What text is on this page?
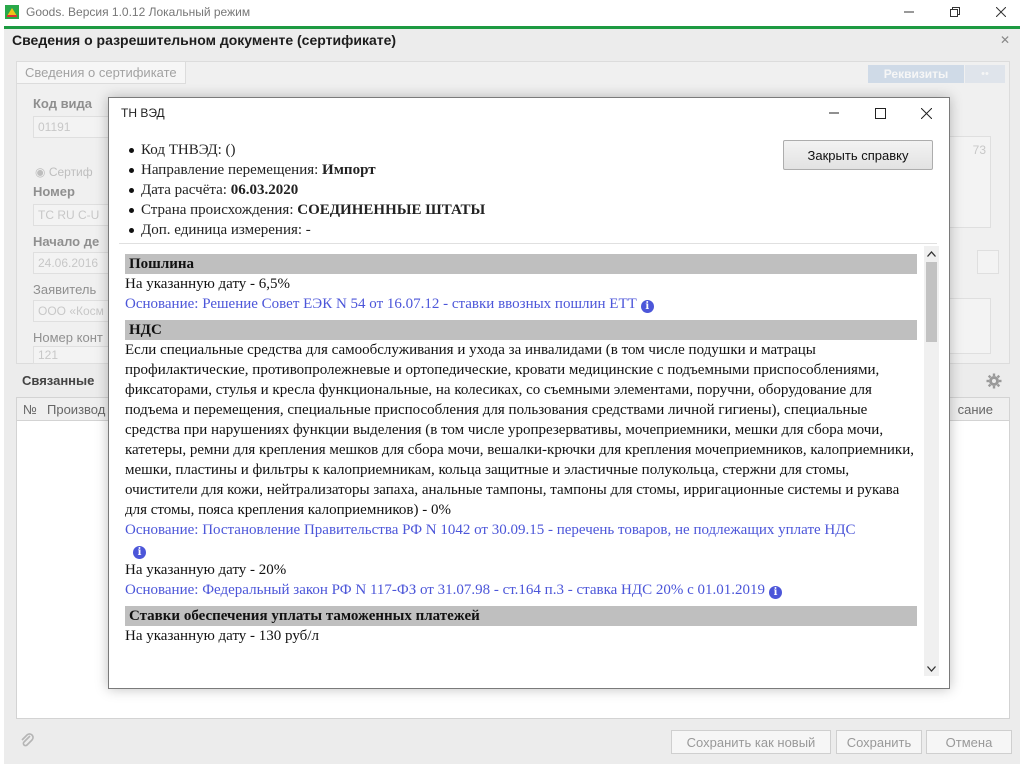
Goods. Версия 1.0.12 Локальный режим
Сведения о разрешительном документе (сертификате)	✕
Сведения о сертификате	Реквизиты	••
Код вида
01191
73
◉ Сертиф
Номер
ТС RU C-U
Начало де
24.06.2016
Заявитель
ООО «Косм
Номер конт
121
Связанные
№ Производ	сание
Сохранить как новый	Сохранить	Отмена
ТН ВЭД
Код ТНВЭД: ()
Направление перемещения: Импорт
Дата расчёта: 06.03.2020
Страна происхождения: СОЕДИНЕННЫЕ ШТАТЫ
Доп. единица измерения: -
Закрыть справку
Пошлина
На указанную дату - 6,5%
Основание: Решение Совет ЕЭК N 54 от 16.07.12 - ставки ввозных пошлин ЕТТ i
НДС
Если специальные средства для самообслуживания и ухода за инвалидами (в том числе подушки и матрацы профилактические, противопролежневые и ортопедические, кровати медицинские с подъемными приспособлениями, фиксаторами, стулья и кресла функциональные, на колесиках, со съемными элементами, поручни, оборудование для подъема и перемещения, специальные приспособления для пользования средствами личной гигиены), специальные средства при нарушениях функции выделения (в том числе уропрезервативы, мочеприемники, мешки для сбора мочи, катетеры, ремни для крепления мешков для сбора мочи, вешалки-крючки для крепления мочеприемников, калоприемники, мешки, пластины и фильтры к калоприемникам, кольца защитные и эластичные полукольца, стержни для стомы, очистители для кожи, нейтрализаторы запаха, анальные тампоны, тампоны для стомы, ирригационные системы и рукава для стомы, пояса крепления калоприемников) - 0%
Основание: Постановление Правительства РФ N 1042 от 30.09.15 - перечень товаров, не подлежащих уплате НДС
i
На указанную дату - 20%
Основание: Федеральный закон РФ N 117-ФЗ от 31.07.98 - ст.164 п.3 - ставка НДС 20% с 01.01.2019 i
Ставки обеспечения уплаты таможенных платежей
На указанную дату - 130 руб/л
